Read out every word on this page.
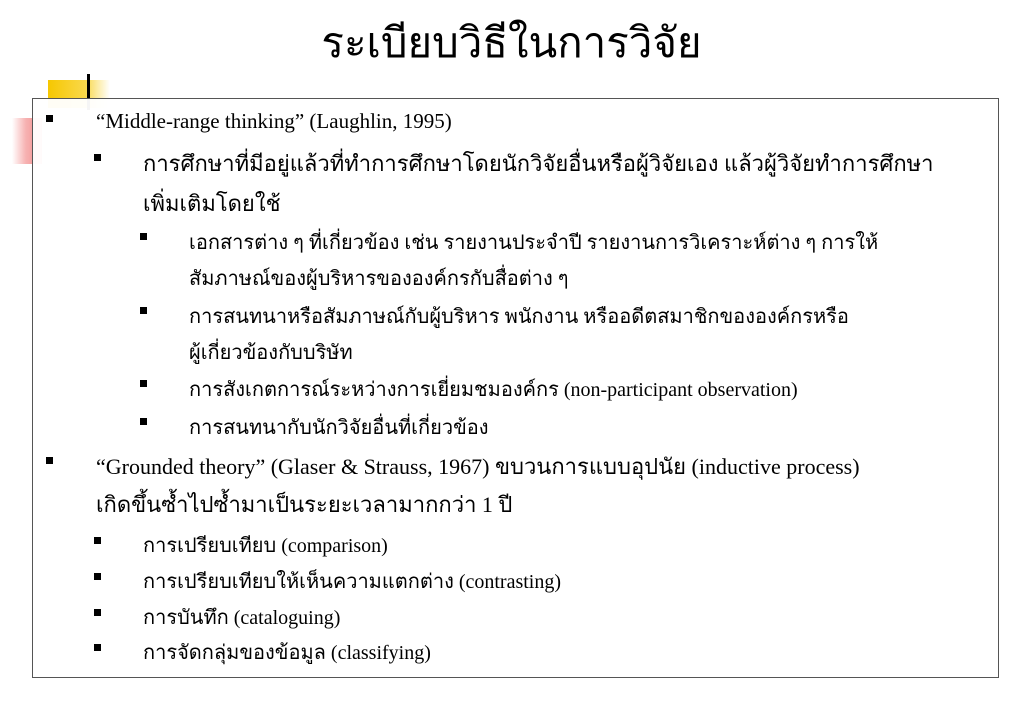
ระเบียบวิธีในการวิจัย
“Middle-range thinking” (Laughlin, 1995)
การศึกษาที่มีอยู่แล้วที่ทำการศึกษาโดยนักวิจัยอื่นหรือผู้วิจัยเอง แล้วผู้วิจัยทำการศึกษา
เพิ่มเติมโดยใช้
เอกสารต่าง ๆ ที่เกี่ยวข้อง เช่น รายงานประจำปี รายงานการวิเคราะห์ต่าง ๆ การให้
สัมภาษณ์ของผู้บริหารขององค์กรกับสื่อต่าง ๆ
การสนทนาหรือสัมภาษณ์กับผู้บริหาร พนักงาน หรืออดีตสมาชิกขององค์กรหรือ
ผู้เกี่ยวข้องกับบริษัท
การสังเกตการณ์ระหว่างการเยี่ยมชมองค์กร (non-participant observation)
การสนทนากับนักวิจัยอื่นที่เกี่ยวข้อง
“Grounded theory” (Glaser & Strauss, 1967) ขบวนการแบบอุปนัย (inductive process)
เกิดขึ้นซ้ำไปซ้ำมาเป็นระยะเวลามากกว่า 1 ปี
การเปรียบเทียบ (comparison)
การเปรียบเทียบให้เห็นความแตกต่าง (contrasting)
การบันทึก (cataloguing)
การจัดกลุ่มของข้อมูล (classifying)
